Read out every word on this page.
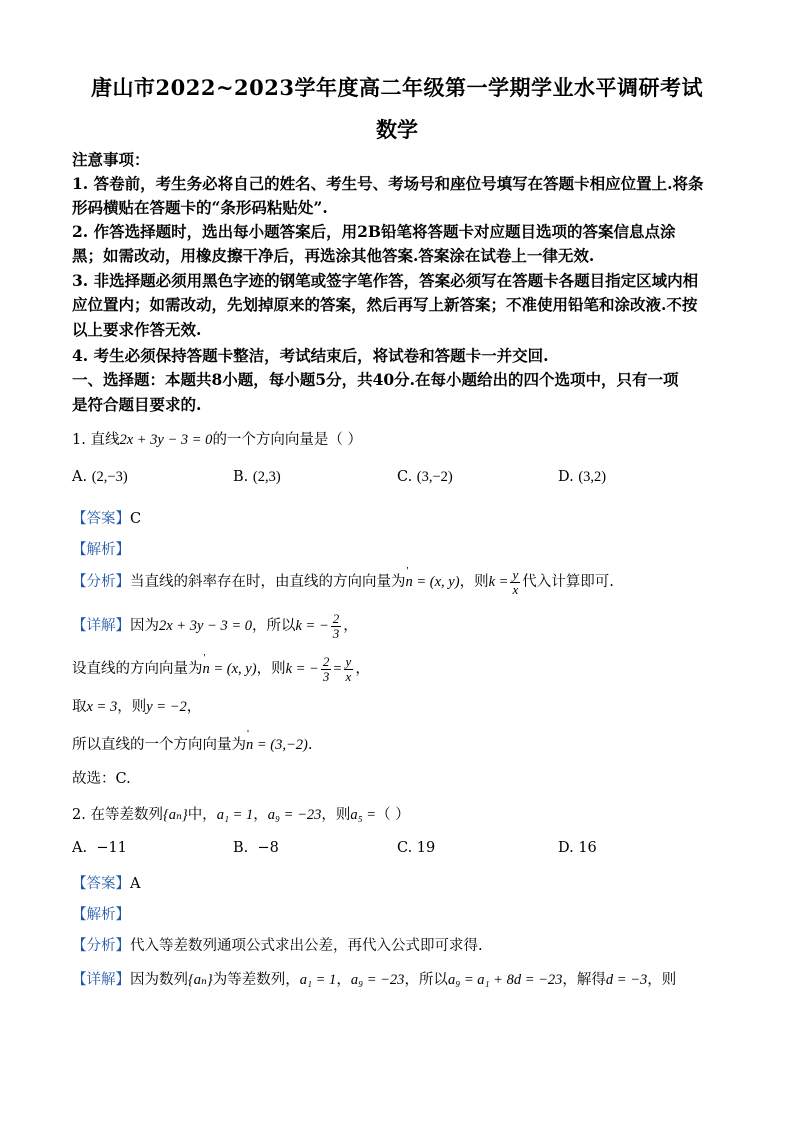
唐山市2022~2023学年度高二年级第一学期学业水平调研考试
数学
注意事项：
1. 答卷前，考生务必将自己的姓名、考生号、考场号和座位号填写在答题卡相应位置上.将条
形码横贴在答题卡的“条形码粘贴处”.
2. 作答选择题时，选出每小题答案后，用2B铅笔将答题卡对应题目选项的答案信息点涂
黑；如需改动，用橡皮擦干净后，再选涂其他答案.答案涂在试卷上一律无效.
3. 非选择题必须用黑色字迹的钢笔或签字笔作答，答案必须写在答题卡各题目指定区域内相
应位置内；如需改动，先划掉原来的答案，然后再写上新答案；不准使用铅笔和涂改液.不按
以上要求作答无效.
4. 考生必须保持答题卡整洁，考试结束后，将试卷和答题卡一并交回.
一、选择题：本题共8小题，每小题5分，共40分.在每小题给出的四个选项中，只有一项
是符合题目要求的.
1. 直线2x + 3y − 3 = 0的一个方向向量是（ ）
A. (2,−3)	B. (2,3)	C. (3,−2)	D. (3,2)
【答案】C
【解析】
【分析】当直线的斜率存在时，由直线的方向向量为' n = (x, y)，则$k = \frac{y}{x}$ 代入计算即可.
【详解】因为2x + 3y − 3 = 0，所以k = − $\frac{2}{3}$ ，
设直线的方向向量为' n = (x, y)，则k = − $\frac{2}{3} = \frac{y}{x}$ ，
取x = 3，则y = −2，
所以直线的一个方向向量为' n = (3,−2).
故选：C.
2. 在等差数列{aₙ}中，a₁ = 1，a₉ = −23，则a₅ =（ ）
A. −11	B. −8	C. 19	D. 16
【答案】A
【解析】
【分析】代入等差数列通项公式求出公差，再代入公式即可求得.
【详解】因为数列{aₙ}为等差数列，a₁ = 1，a₉ = −23，所以a₉ = a₁ + 8d = −23，解得d = −3，则
